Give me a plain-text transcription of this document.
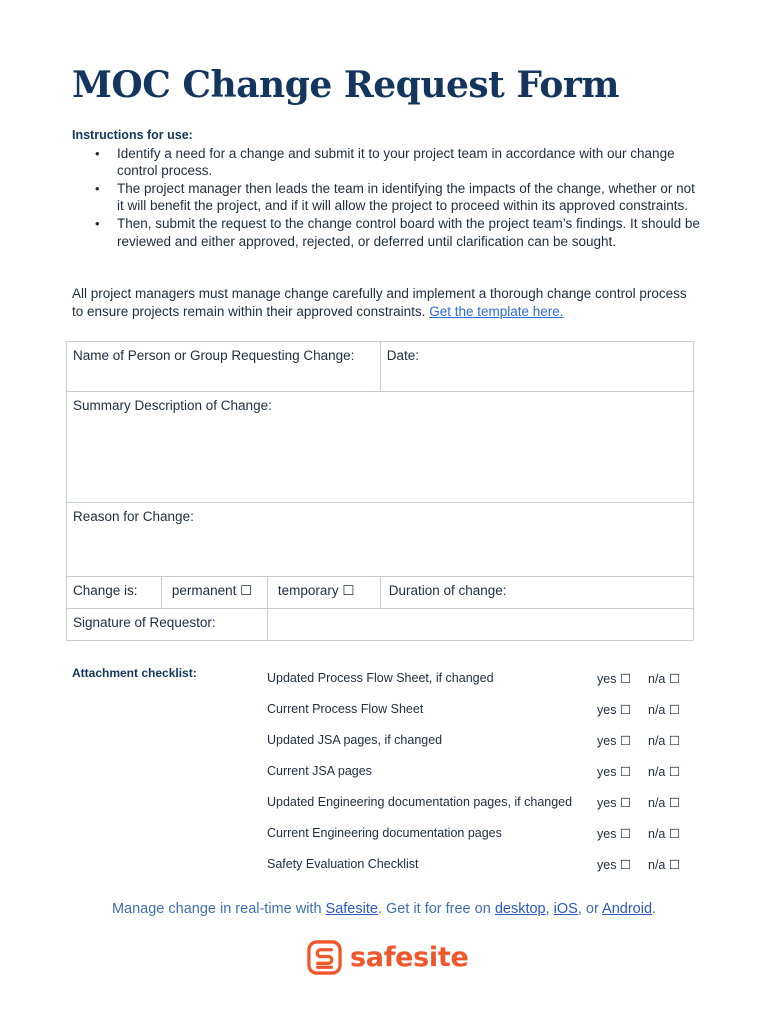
MOC Change Request Form
Instructions for use:
• Identify a need for a change and submit it to your project team in accordance with our change control process.
• The project manager then leads the team in identifying the impacts of the change, whether or not it will benefit the project, and if it will allow the project to proceed within its approved constraints.
• Then, submit the request to the change control board with the project team’s findings. It should be reviewed and either approved, rejected, or deferred until clarification can be sought.
All project managers must manage change carefully and implement a thorough change control process to ensure projects remain within their approved constraints. Get the template here.
Name of Person or Group Requesting Change:			Date:
Summary Description of Change:			
Reason for Change:			
Change is:	permanent ☐	temporary ☐	Duration of change:
Signature of Requestor:			
Attachment checklist:	Updated Process Flow Sheet, if changed	yes ☐ n/a ☐
Current Process Flow Sheet	yes ☐ n/a ☐
Updated JSA pages, if changed	yes ☐ n/a ☐
Current JSA pages	yes ☐ n/a ☐
Updated Engineering documentation pages, if changed yes ☐ n/a ☐
Current Engineering documentation pages	yes ☐ n/a ☐
Safety Evaluation Checklist	yes ☐ n/a ☐
Manage change in real-time with Safesite. Get it for free on desktop, iOS, or Android.
safesite
